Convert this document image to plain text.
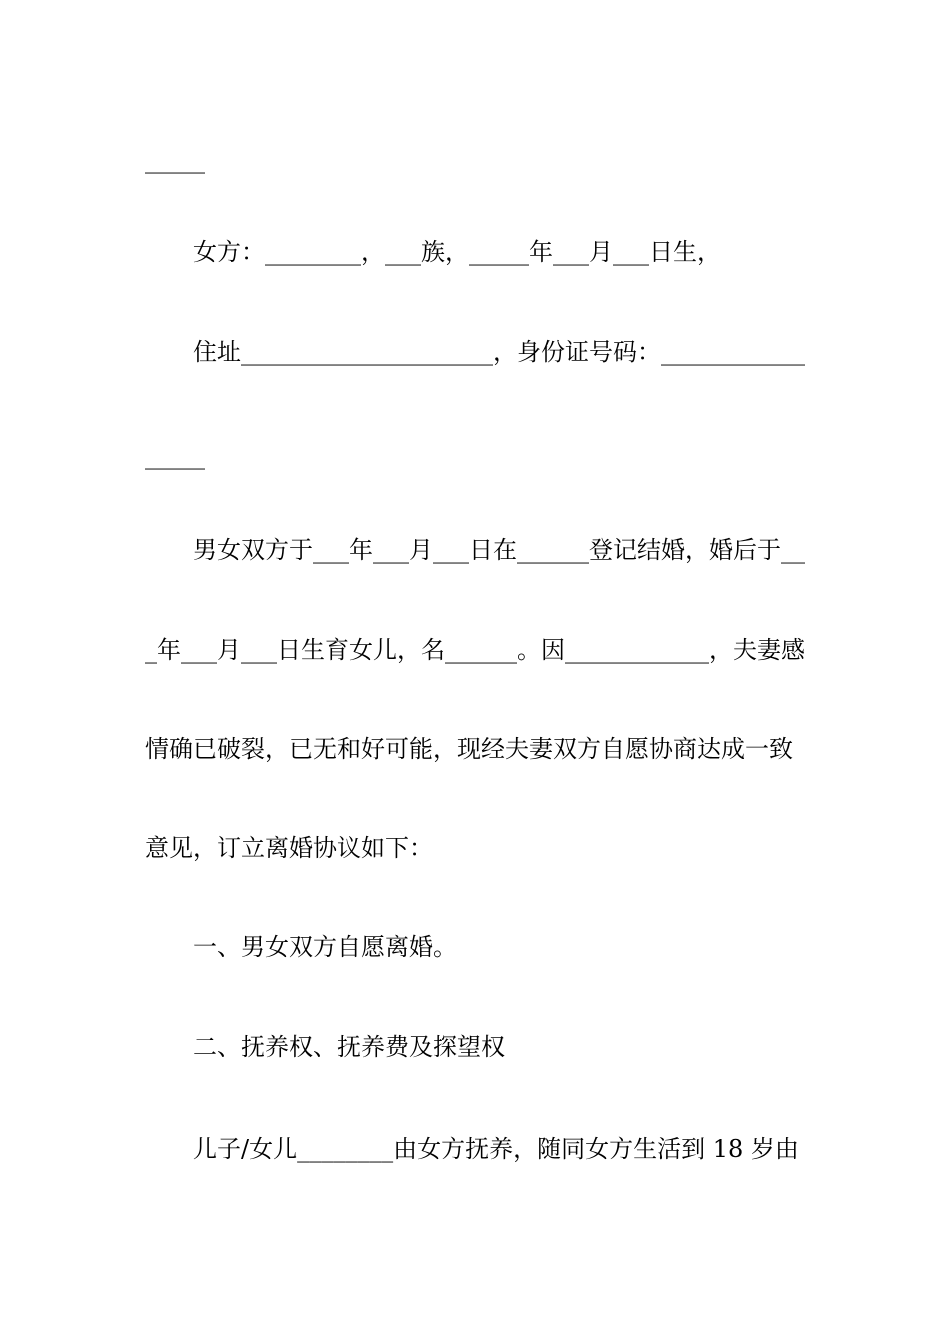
_____
女方：________，___族，_____年___月___日生，
住址_____________________，身份证号码：____________
_____
男女双方于___年___月___日在______登记结婚，婚后于__
_年___月___日生育女儿，名______。因____________，夫妻感
情确已破裂，已无和好可能，现经夫妻双方自愿协商达成一致
意见，订立离婚协议如下：
一、男女双方自愿离婚。
二、抚养权、抚养费及探望权
儿子/女儿________由女方抚养，随同女方生活到 18 岁由
